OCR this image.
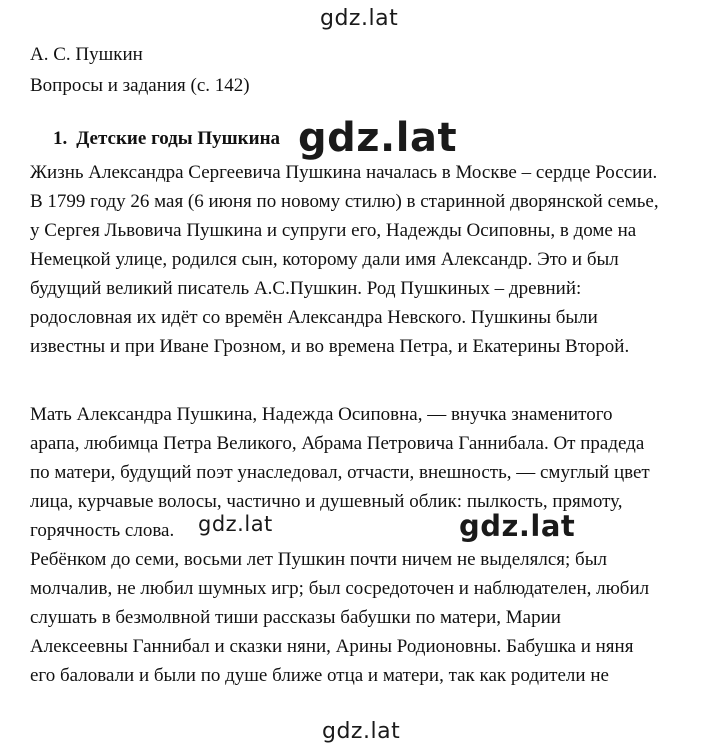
gdz.lat
А. С. Пушкин
Вопросы и задания (с. 142)
1. Детские годы Пушкина gdz.lat
Жизнь Александра Сергеевича Пушкина началась в Москве – сердце России.
В 1799 году 26 мая (6 июня по новому стилю) в старинной дворянской семье,
у Сергея Львовича Пушкина и супруги его, Надежды Осиповны, в доме на
Немецкой улице, родился сын, которому дали имя Александр. Это и был
будущий великий писатель А.С.Пушкин. Род Пушкиных – древний:
родословная их идёт со времён Александра Невского. Пушкины были
известны и при Иване Грозном, и во времена Петра, и Екатерины Второй.
Мать Александра Пушкина, Надежда Осиповна, — внучка знаменитого
арапа, любимца Петра Великого, Абрама Петровича Ганнибала. От прадеда
по матери, будущий поэт унаследовал, отчасти, внешность, — смуглый цвет
лица, курчавые волосы, частично и душевный облик: пылкость, прямоту,
горячность слова.	gdz.lat	gdz.lat
Ребёнком до семи, восьми лет Пушкин почти ничем не выделялся; был
молчалив, не любил шумных игр; был сосредоточен и наблюдателен, любил
слушать в безмолвной тиши рассказы бабушки по матери, Марии
Алексеевны Ганнибал и сказки няни, Арины Родионовны. Бабушка и няня
его баловали и были по душе ближе отца и матери, так как родители не
gdz.lat
